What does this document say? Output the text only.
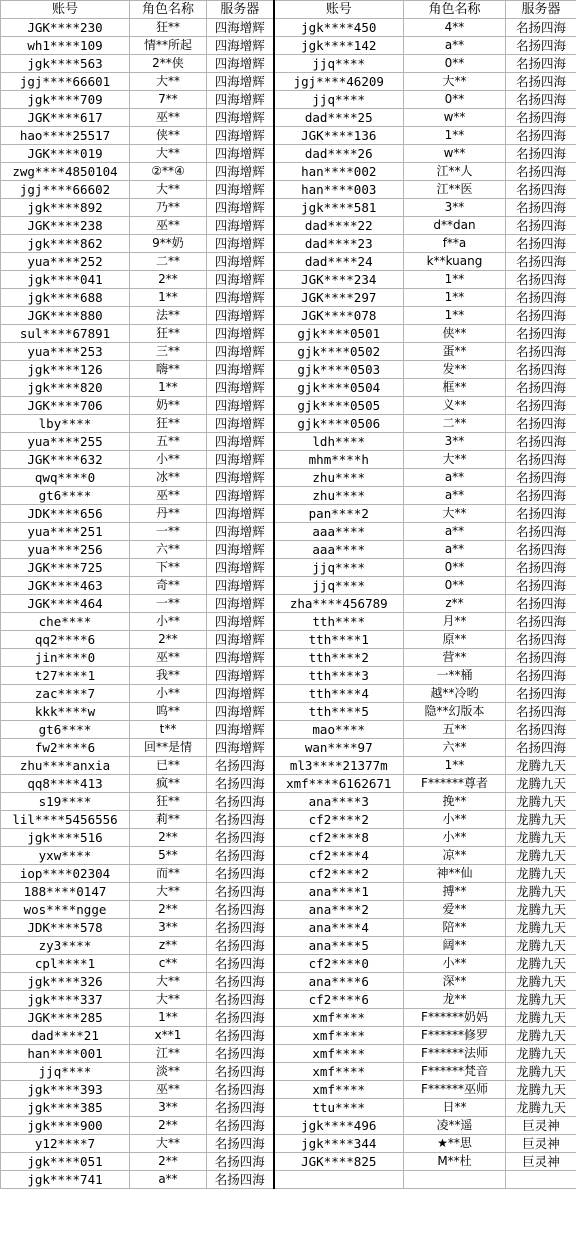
账号	角色名称	服务器	账号	角色名称	服务器
JGK****230	狂**	四海增辉	jgk****450	4**	名扬四海
wh1****109	情**所起	四海增辉	jgk****142	a**	名扬四海
jgk****563	2**侠	四海增辉	jjq****	0**	名扬四海
jgj****66601	大**	四海增辉	jgj****46209	大**	名扬四海
jgk****709	7**	四海增辉	jjq****	0**	名扬四海
JGK****617	巫**	四海增辉	dad****25	w**	名扬四海
hao****25517	侠**	四海增辉	JGK****136	1**	名扬四海
JGK****019	大**	四海增辉	dad****26	w**	名扬四海
zwg****4850104	②**④	四海增辉	han****002	江**人	名扬四海
jgj****66602	大**	四海增辉	han****003	江**医	名扬四海
jgk****892	乃**	四海增辉	jgk****581	3**	名扬四海
JGK****238	巫**	四海增辉	dad****22	d**dan	名扬四海
jgk****862	9**奶	四海增辉	dad****23	f**a	名扬四海
yua****252	二**	四海增辉	dad****24	k**kuang	名扬四海
jgk****041	2**	四海增辉	JGK****234	1**	名扬四海
jgk****688	1**	四海增辉	JGK****297	1**	名扬四海
JGK****880	法**	四海增辉	JGK****078	1**	名扬四海
sul****67891	狂**	四海增辉	gjk****0501	侠**	名扬四海
yua****253	三**	四海增辉	gjk****0502	蛋**	名扬四海
jgk****126	嗨**	四海增辉	gjk****0503	发**	名扬四海
jgk****820	1**	四海增辉	gjk****0504	框**	名扬四海
JGK****706	奶**	四海增辉	gjk****0505	义**	名扬四海
lby****	狂**	四海增辉	gjk****0506	二**	名扬四海
yua****255	五**	四海增辉	ldh****	3**	名扬四海
JGK****632	小**	四海增辉	mhm****h	大**	名扬四海
qwq****0	冰**	四海增辉	zhu****	a**	名扬四海
gt6****	巫**	四海增辉	zhu****	a**	名扬四海
JDK****656	丹**	四海增辉	pan****2	大**	名扬四海
yua****251	一**	四海增辉	aaa****	a**	名扬四海
yua****256	六**	四海增辉	aaa****	a**	名扬四海
JGK****725	下**	四海增辉	jjq****	0**	名扬四海
JGK****463	奇**	四海增辉	jjq****	0**	名扬四海
JGK****464	一**	四海增辉	zha****456789	z**	名扬四海
che****	小**	四海增辉	tth****	月**	名扬四海
qq2****6	2**	四海增辉	tth****1	原**	名扬四海
jin****0	巫**	四海增辉	tth****2	营**	名扬四海
t27****1	我**	四海增辉	tth****3	一**桶	名扬四海
zac****7	小**	四海增辉	tth****4	越**冷哟	名扬四海
kkk****w	呜**	四海增辉	tth****5	隐**幻版本	名扬四海
gt6****	t**	四海增辉	mao****	五**	名扬四海
fw2****6	回**是情	四海增辉	wan****97	六**	名扬四海
zhu****anxia	已**	名扬四海	ml3****21377m	1**	龙腾九天
qq8****413	疯**	名扬四海	xmf****6162671	F******尊者	龙腾九天
s19****	狂**	名扬四海	ana****3	挽**	龙腾九天
lil****5456556	莉**	名扬四海	cf2****2	小**	龙腾九天
jgk****516	2**	名扬四海	cf2****8	小**	龙腾九天
yxw****	5**	名扬四海	cf2****4	凉**	龙腾九天
iop****02304	而**	名扬四海	cf2****2	神**仙	龙腾九天
188****0147	大**	名扬四海	ana****1	搏**	龙腾九天
wos****ngge	2**	名扬四海	ana****2	爱**	龙腾九天
JDK****578	3**	名扬四海	ana****4	陪**	龙腾九天
zy3****	z**	名扬四海	ana****5	阔**	龙腾九天
cpl****1	c**	名扬四海	cf2****0	小**	龙腾九天
jgk****326	大**	名扬四海	ana****6	深**	龙腾九天
jgk****337	大**	名扬四海	cf2****6	龙**	龙腾九天
JGK****285	1**	名扬四海	xmf****	F******奶妈	龙腾九天
dad****21	x**1	名扬四海	xmf****	F******修罗	龙腾九天
han****001	江**	名扬四海	xmf****	F******法师	龙腾九天
jjq****	淡**	名扬四海	xmf****	F******梵音	龙腾九天
jgk****393	巫**	名扬四海	xmf****	F******巫师	龙腾九天
jgk****385	3**	名扬四海	ttu****	日**	龙腾九天
jgk****900	2**	名扬四海	jgk****496	凌**遥	巨灵神
y12****7	大**	名扬四海	jgk****344	★**思	巨灵神
jgk****051	2**	名扬四海	JGK****825	M**杜	巨灵神
jgk****741	a**	名扬四海			
